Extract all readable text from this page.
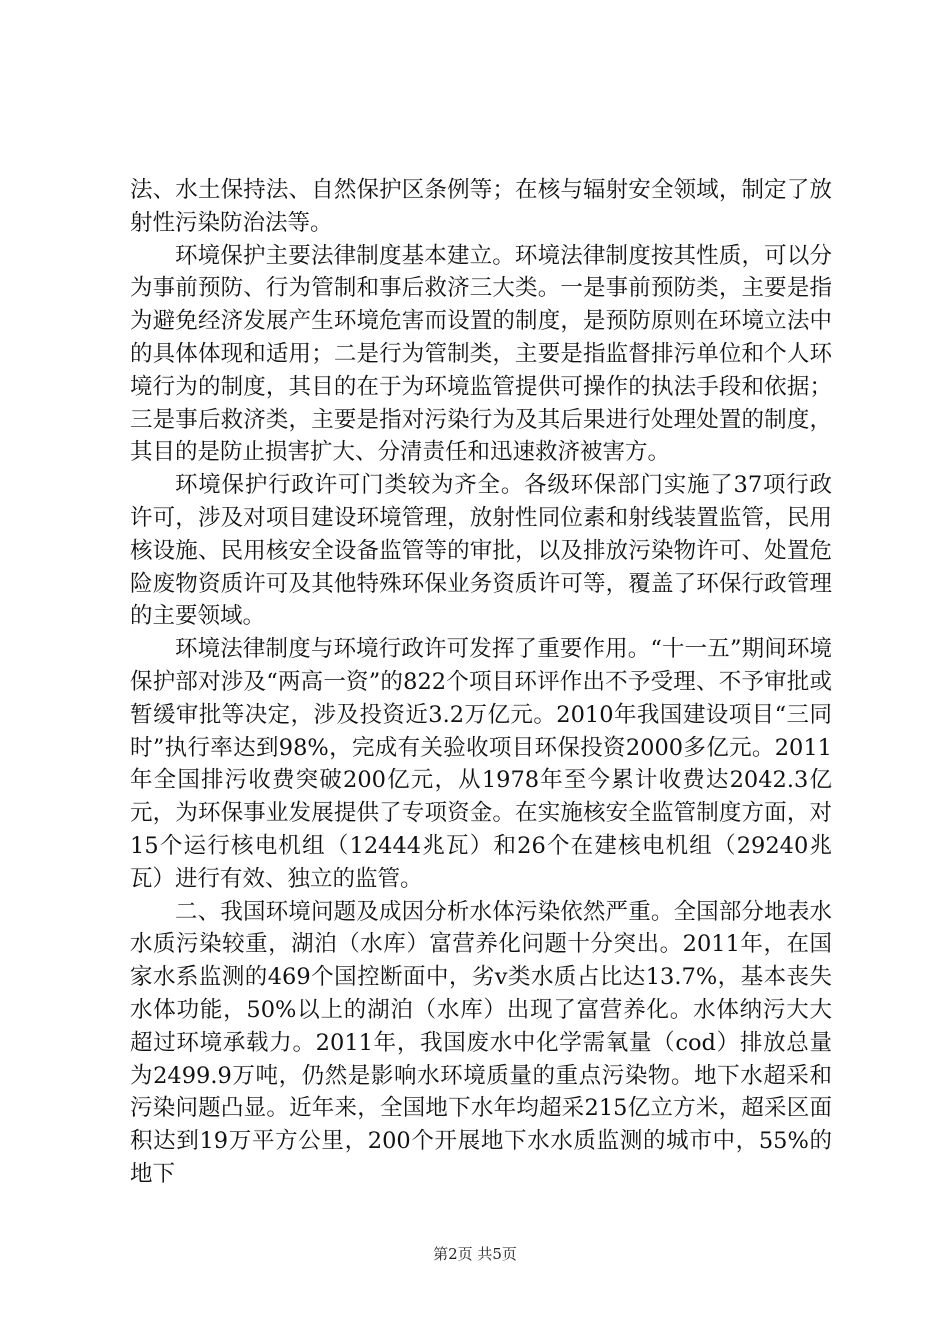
法、水土保持法、自然保护区条例等；在核与辐射安全领域，制定了放射性污染防治法等。

环境保护主要法律制度基本建立。环境法律制度按其性质，可以分为事前预防、行为管制和事后救济三大类。一是事前预防类，主要是指为避免经济发展产生环境危害而设置的制度，是预防原则在环境立法中的具体体现和适用；二是行为管制类，主要是指监督排污单位和个人环境行为的制度，其目的在于为环境监管提供可操作的执法手段和依据；三是事后救济类，主要是指对污染行为及其后果进行处理处置的制度，其目的是防止损害扩大、分清责任和迅速救济被害方。

环境保护行政许可门类较为齐全。各级环保部门实施了37项行政许可，涉及对项目建设环境管理，放射性同位素和射线装置监管，民用核设施、民用核安全设备监管等的审批，以及排放污染物许可、处置危险废物资质许可及其他特殊环保业务资质许可等，覆盖了环保行政管理的主要领域。

环境法律制度与环境行政许可发挥了重要作用。“十一五”期间环境保护部对涉及“两高一资”的822个项目环评作出不予受理、不予审批或暂缓审批等决定，涉及投资近3.2万亿元。2010年我国建设项目“三同时”执行率达到98%，完成有关验收项目环保投资2000多亿元。2011年全国排污收费突破200亿元，从1978年至今累计收费达2042.3亿元，为环保事业发展提供了专项资金。在实施核安全监管制度方面，对15个运行核电机组（12444兆瓦）和26个在建核电机组（29240兆瓦）进行有效、独立的监管。

二、我国环境问题及成因分析水体污染依然严重。全国部分地表水水质污染较重，湖泊（水库）富营养化问题十分突出。2011年，在国家水系监测的469个国控断面中，劣v类水质占比达13.7%，基本丧失水体功能，50%以上的湖泊（水库）出现了富营养化。水体纳污大大超过环境承载力。2011年，我国废水中化学需氧量（cod）排放总量为2499.9万吨，仍然是影响水环境质量的重点污染物。地下水超采和污染问题凸显。近年来，全国地下水年均超采215亿立方米，超采区面积达到19万平方公里，200个开展地下水水质监测的城市中，55%的地下

第2页 共5页
